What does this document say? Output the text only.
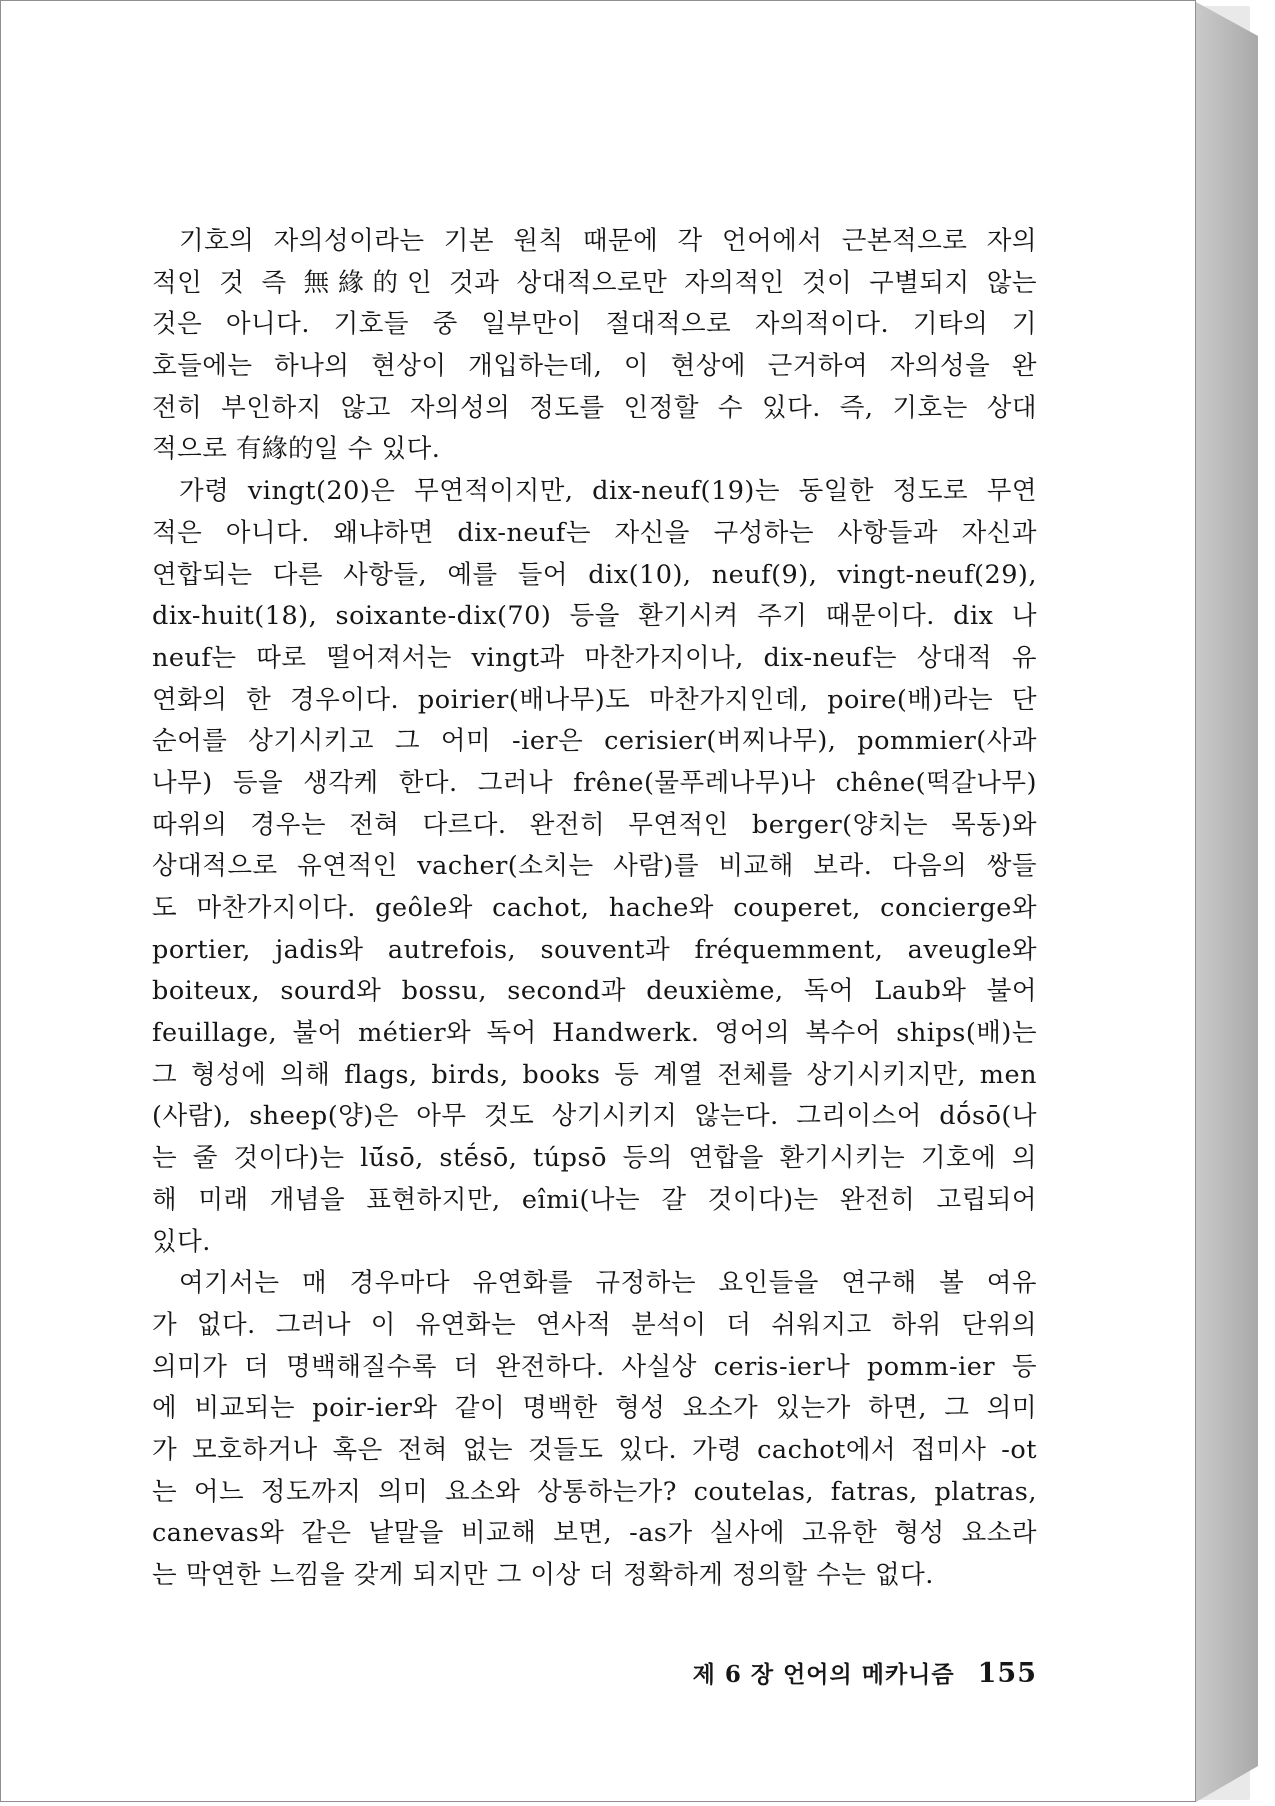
기호의 자의성이라는 기본 원칙 때문에 각 언어에서 근본적으로 자의
적인 것 즉 無緣的인 것과 상대적으로만 자의적인 것이 구별되지 않는
것은 아니다. 기호들 중 일부만이 절대적으로 자의적이다. 기타의 기
호들에는 하나의 현상이 개입하는데, 이 현상에 근거하여 자의성을 완
전히 부인하지 않고 자의성의 정도를 인정할 수 있다. 즉, 기호는 상대
적으로 有緣的일 수 있다.
가령 vingt(20)은 무연적이지만, dix-neuf(19)는 동일한 정도로 무연
적은 아니다. 왜냐하면 dix-neuf는 자신을 구성하는 사항들과 자신과
연합되는 다른 사항들, 예를 들어 dix(10), neuf(9), vingt-neuf(29),
dix-huit(18), soixante-dix(70) 등을 환기시켜 주기 때문이다. dix 나
neuf는 따로 떨어져서는 vingt과 마찬가지이나, dix-neuf는 상대적 유
연화의 한 경우이다. poirier(배나무)도 마찬가지인데, poire(배)라는 단
순어를 상기시키고 그 어미 -ier은 cerisier(버찌나무), pommier(사과
나무) 등을 생각케 한다. 그러나 frêne(물푸레나무)나 chêne(떡갈나무)
따위의 경우는 전혀 다르다. 완전히 무연적인 berger(양치는 목동)와
상대적으로 유연적인 vacher(소치는 사람)를 비교해 보라. 다음의 쌍들
도 마찬가지이다. geôle와 cachot, hache와 couperet, concierge와
portier, jadis와 autrefois, souvent과 fréquemment, aveugle와
boiteux, sourd와 bossu, second과 deuxième, 독어 Laub와 불어
feuillage, 불어 métier와 독어 Handwerk. 영어의 복수어 ships(배)는
그 형성에 의해 flags, birds, books 등 계열 전체를 상기시키지만, men
(사람), sheep(양)은 아무 것도 상기시키지 않는다. 그리이스어 dṓsō(나
는 줄 것이다)는 lū́sō, stḗsō, túpsō 등의 연합을 환기시키는 기호에 의
해 미래 개념을 표현하지만, eîmi(나는 갈 것이다)는 완전히 고립되어
있다.
여기서는 매 경우마다 유연화를 규정하는 요인들을 연구해 볼 여유
가 없다. 그러나 이 유연화는 연사적 분석이 더 쉬워지고 하위 단위의
의미가 더 명백해질수록 더 완전하다. 사실상 ceris-ier나 pomm-ier 등
에 비교되는 poir-ier와 같이 명백한 형성 요소가 있는가 하면, 그 의미
가 모호하거나 혹은 전혀 없는 것들도 있다. 가령 cachot에서 접미사 -ot
는 어느 정도까지 의미 요소와 상통하는가? coutelas, fatras, platras,
canevas와 같은 낱말을 비교해 보면, -as가 실사에 고유한 형성 요소라
는 막연한 느낌을 갖게 되지만 그 이상 더 정확하게 정의할 수는 없다.
제 6 장 언어의 메카니즘 155
